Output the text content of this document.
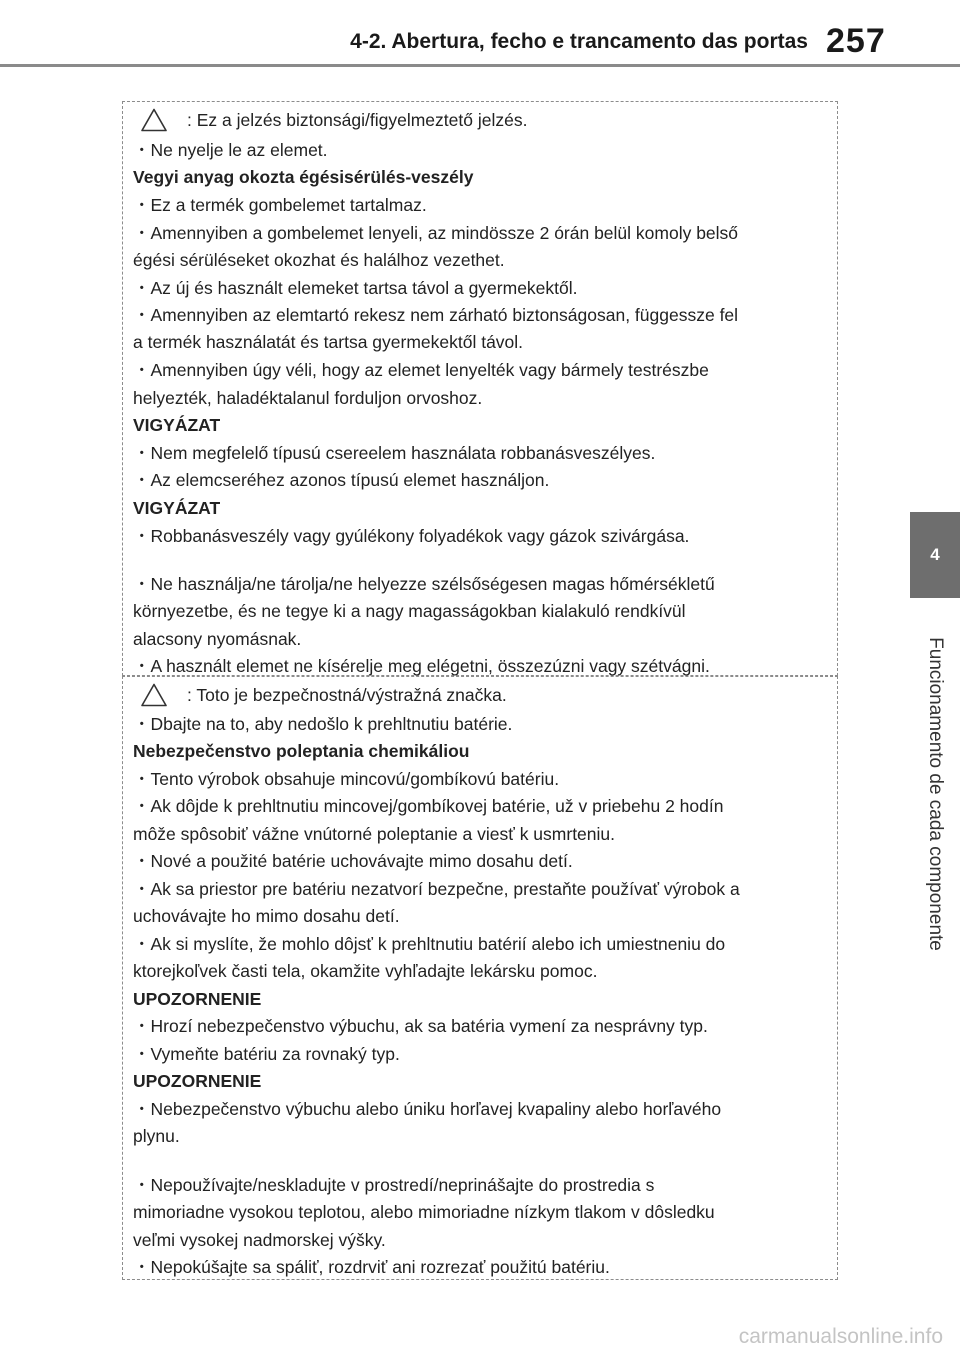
4-2. Abertura, fecho e trancamento das portas 257
4
Funcionamento de cada componente
: Ez a jelzés biztonsági/figyelmeztető jelzés.
・ Ne nyelje le az elemet.
Vegyi anyag okozta égésisérülés-veszély
・ Ez a termék gombelemet tartalmaz.
・ Amennyiben a gombelemet lenyeli, az mindössze 2 órán belül komoly belső
égési sérüléseket okozhat és halálhoz vezethet.
・ Az új és használt elemeket tartsa távol a gyermekektől.
・ Amennyiben az elemtartó rekesz nem zárható biztonságosan, függessze fel
a termék használatát és tartsa gyermekektől távol.
・ Amennyiben úgy véli, hogy az elemet lenyelték vagy bármely testrészbe
helyezték, haladéktalanul forduljon orvoshoz.
VIGYÁZAT
・ Nem megfelelő típusú csereelem használata robbanásveszélyes.
・ Az elemcseréhez azonos típusú elemet használjon.
VIGYÁZAT
・ Robbanásveszély vagy gyúlékony folyadékok vagy gázok szivárgása.
・ Ne használja/ne tárolja/ne helyezze szélsőségesen magas hőmérsékletű
környezetbe, és ne tegye ki a nagy magasságokban kialakuló rendkívül
alacsony nyomásnak.
・ A használt elemet ne kísérelje meg elégetni, összezúzni vagy szétvágni.
: Toto je bezpečnostná/výstražná značka.
・ Dbajte na to, aby nedošlo k prehltnutiu batérie.
Nebezpečenstvo poleptania chemikáliou
・ Tento výrobok obsahuje mincovú/gombíkovú batériu.
・ Ak dôjde k prehltnutiu mincovej/gombíkovej batérie, už v priebehu 2 hodín
môže spôsobiť vážne vnútorné poleptanie a viesť k usmrteniu.
・ Nové a použité batérie uchovávajte mimo dosahu detí.
・ Ak sa priestor pre batériu nezatvorí bezpečne, prestaňte používať výrobok a
uchovávajte ho mimo dosahu detí.
・ Ak si myslíte, že mohlo dôjsť k prehltnutiu batérií alebo ich umiestneniu do
ktorejkoľvek časti tela, okamžite vyhľadajte lekársku pomoc.
UPOZORNENIE
・ Hrozí nebezpečenstvo výbuchu, ak sa batéria vymení za nesprávny typ.
・ Vymeňte batériu za rovnaký typ.
UPOZORNENIE
・ Nebezpečenstvo výbuchu alebo úniku horľavej kvapaliny alebo horľavého
plynu.
・ Nepoužívajte/neskladujte v prostredí/neprinášajte do prostredia s
mimoriadne vysokou teplotou, alebo mimoriadne nízkym tlakom v dôsledku
veľmi vysokej nadmorskej výšky.
・ Nepokúšajte sa spáliť, rozdrviť ani rozrezať použitú batériu.
carmanualsonline.info
